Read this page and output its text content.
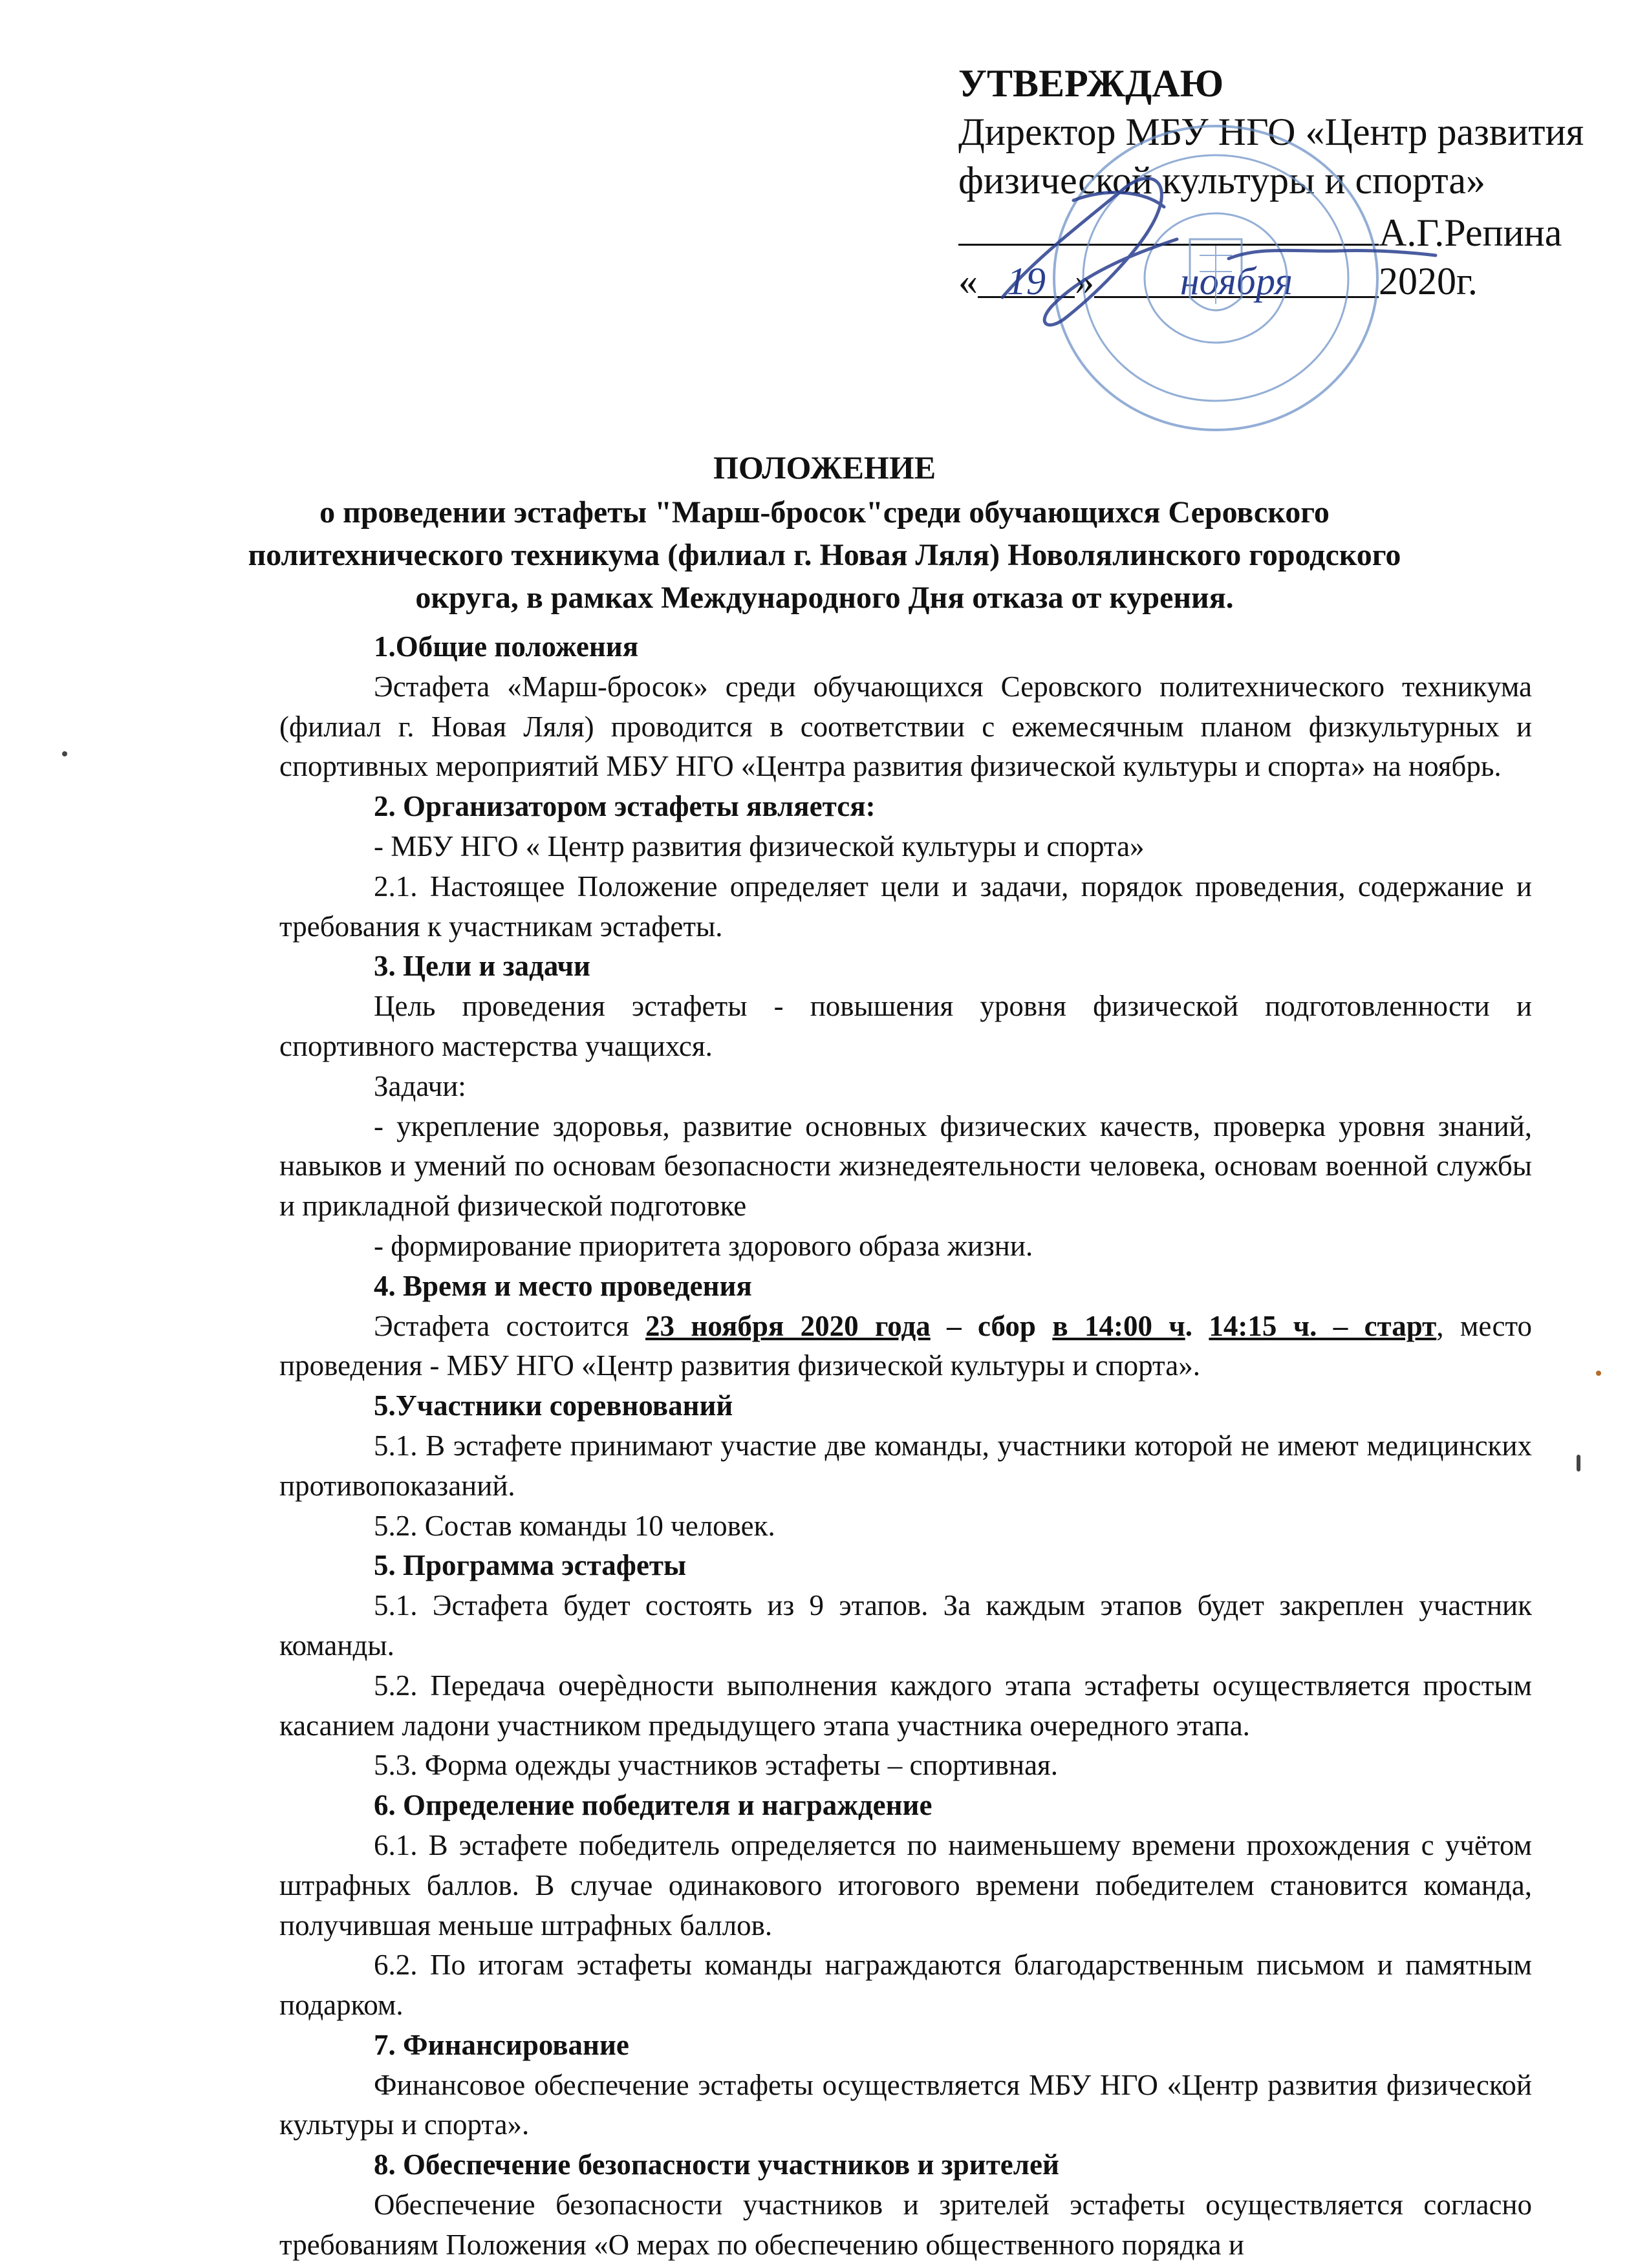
УТВЕРЖДАЮ
Директор МБУ НГО «Центр развития
физической культуры и спорта»
А.Г.Репина
« 19 » ноября 2020г.
ПОЛОЖЕНИЕ
о проведении эстафеты "Марш-бросок"среди обучающихся Серовского
политехнического техникума (филиал г. Новая Ляля) Новолялинского городского
округа, в рамках Международного Дня отказа от курения.

1.Общие положения

Эстафета «Марш-бросок» среди обучающихся Серовского политехнического техникума (филиал г. Новая Ляля) проводится в соответствии с ежемесячным планом физкультурных и спортивных мероприятий МБУ НГО «Центра развития физической культуры и спорта» на ноябрь.

2. Организатором эстафеты является:

- МБУ НГО « Центр развития физической культуры и спорта»

2.1. Настоящее Положение определяет цели и задачи, порядок проведения, содержание и требования к участникам эстафеты.

3. Цели и задачи

Цель проведения эстафеты - повышения уровня физической подготовленности и спортивного мастерства учащихся.

Задачи:

- укрепление здоровья, развитие основных физических качеств, проверка уровня знаний, навыков и умений по основам безопасности жизнедеятельности человека, основам военной службы и прикладной физической подготовке

- формирование приоритета здорового образа жизни.

4. Время и место проведения

Эстафета состоится 23 ноября 2020 года – сбор в 14:00 ч. 14:15 ч. – старт, место проведения - МБУ НГО «Центр развития физической культуры и спорта».

5.Участники соревнований

5.1. В эстафете принимают участие две команды, участники которой не имеют медицинских противопоказаний.

5.2. Состав команды 10 человек.

5. Программа эстафеты

5.1. Эстафета будет состоять из 9 этапов. За каждым этапов будет закреплен участник команды.

5.2. Передача очерѐдности выполнения каждого этапа эстафеты осуществляется простым касанием ладони участником предыдущего этапа участника очередного этапа.

5.3. Форма одежды участников эстафеты – спортивная.

6. Определение победителя и награждение

6.1. В эстафете победитель определяется по наименьшему времени прохождения с учётом штрафных баллов. В случае одинакового итогового времени победителем становится команда, получившая меньше штрафных баллов.

6.2. По итогам эстафеты команды награждаются благодарственным письмом и памятным подарком.

7. Финансирование

Финансовое обеспечение эстафеты осуществляется МБУ НГО «Центр развития физической культуры и спорта».

8. Обеспечение безопасности участников и зрителей

Обеспечение безопасности участников и зрителей эстафеты осуществляется согласно требованиям Положения «О мерах по обеспечению общественного порядка и
